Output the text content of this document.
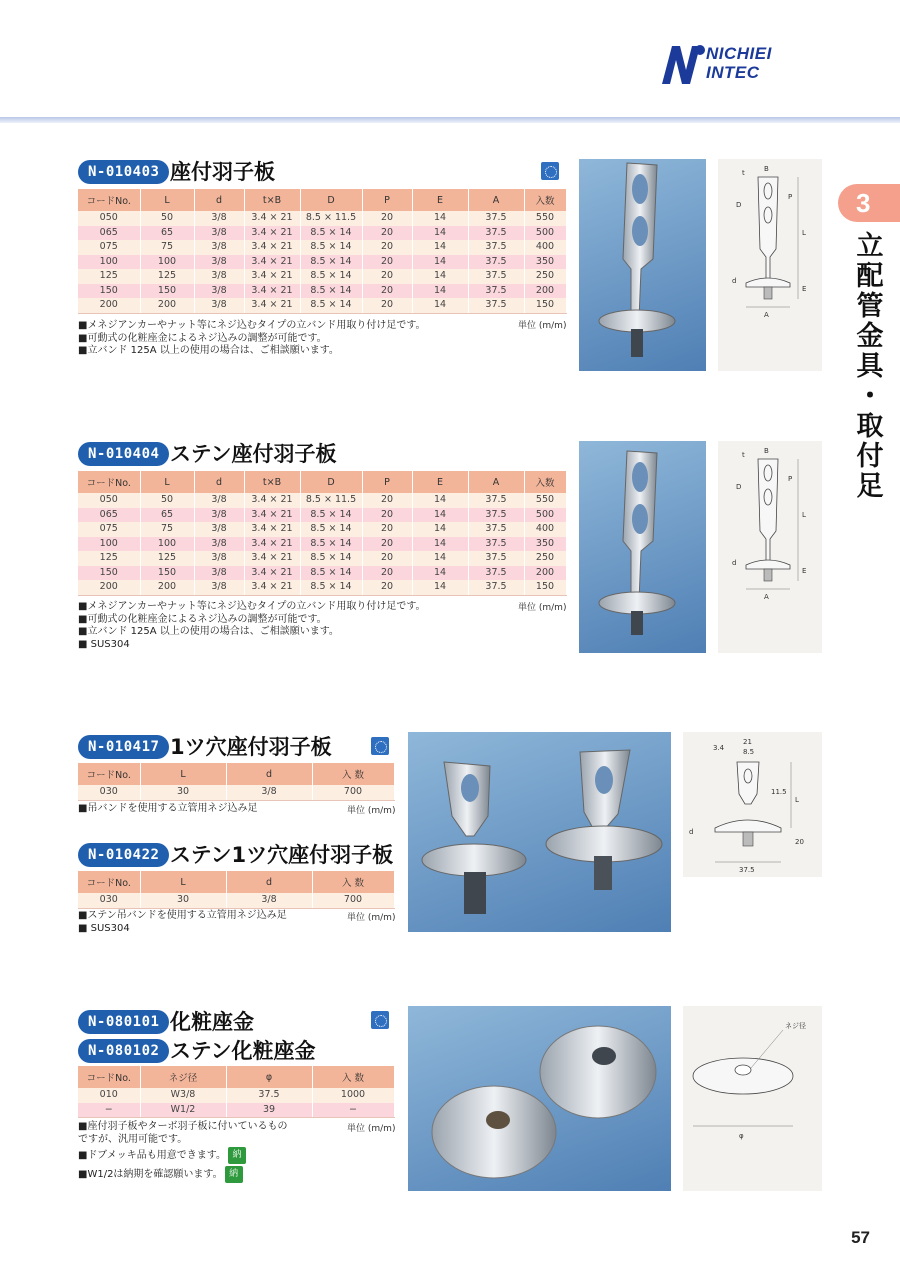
NICHIEI
INTEC
3
立
配
管
金
具
・
取
付
足
N-010403 座付羽子板
コードNo.	L	d	t×B	D	P	E	A	入数
050	50	3/8	3.4 × 21	8.5 × 11.5	20	14	37.5	550
065	65	3/8	3.4 × 21	8.5 × 14	20	14	37.5	500
075	75	3/8	3.4 × 21	8.5 × 14	20	14	37.5	400
100	100	3/8	3.4 × 21	8.5 × 14	20	14	37.5	350
125	125	3/8	3.4 × 21	8.5 × 14	20	14	37.5	250
150	150	3/8	3.4 × 21	8.5 × 14	20	14	37.5	200
200	200	3/8	3.4 × 21	8.5 × 14	20	14	37.5	150
単位 (m/m)
■メネジアンカーやナット等にネジ込むタイプの立バンド用取り付け足です。
■可動式の化粧座金によるネジ込みの調整が可能です。
■立バンド 125A 以上の使用の場合は、ご相談願います。
t	B
D
P
L
d
E
A
N-010404 ステン座付羽子板
コードNo.	L	d	t×B	D	P	E	A	入数
050	50	3/8	3.4 × 21	8.5 × 11.5	20	14	37.5	550
065	65	3/8	3.4 × 21	8.5 × 14	20	14	37.5	500
075	75	3/8	3.4 × 21	8.5 × 14	20	14	37.5	400
100	100	3/8	3.4 × 21	8.5 × 14	20	14	37.5	350
125	125	3/8	3.4 × 21	8.5 × 14	20	14	37.5	250
150	150	3/8	3.4 × 21	8.5 × 14	20	14	37.5	200
200	200	3/8	3.4 × 21	8.5 × 14	20	14	37.5	150
単位 (m/m)
■メネジアンカーやナット等にネジ込むタイプの立バンド用取り付け足です。
■可動式の化粧座金によるネジ込みの調整が可能です。
■立バンド 125A 以上の使用の場合は、ご相談願います。
■ SUS304
t	B
D
P
L
d
E
A
N-010417 1ツ穴座付羽子板
コードNo.	L	d	入 数
030	30	3/8	700
単位 (m/m)
■吊バンドを使用する立管用ネジ込み足
N-010422 ステン1ツ穴座付羽子板
コードNo.	L	d	入 数
030	30	3/8	700
単位 (m/m)
■ステン吊バンドを使用する立管用ネジ込み足
■ SUS304
3.4
21
8.5
11.5
L
d
20
37.5
N-080101 化粧座金
N-080102 ステン化粧座金
コードNo.	ネジ径	φ	入 数
010	W3/8	37.5	1000
−	W1/2	39	−
単位 (m/m)
■座付羽子板やターボ羽子板に付いているもの
ですが、汎用可能です。
■ドブメッキ品も用意できます。 納
■W1/2は納期を確認願います。 納
ネジ径
φ
57
